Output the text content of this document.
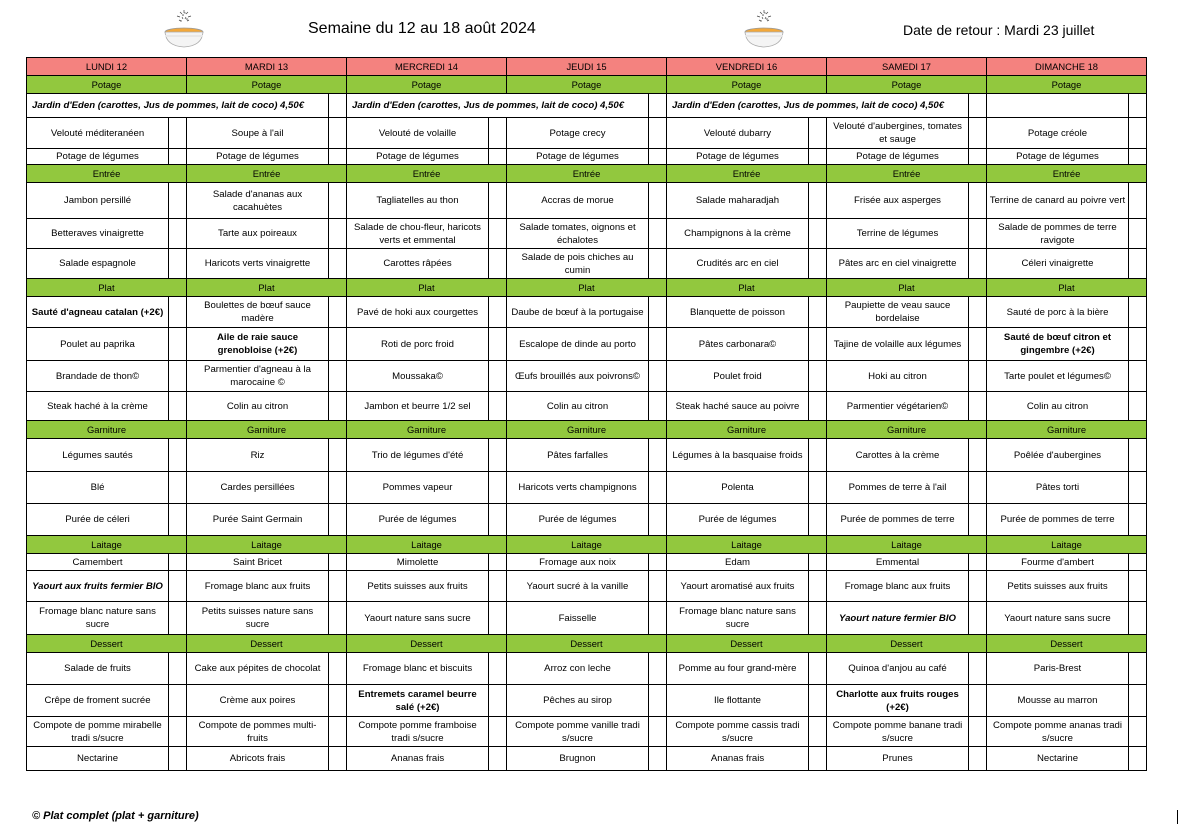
Semaine du 12 au 18 août 2024	Date de retour : Mardi 23 juillet
LUNDI 12		MARDI 13		MERCREDI 14		JEUDI 15		VENDREDI 16		SAMEDI 17		DIMANCHE 18	
Potage		Potage		Potage		Potage		Potage		Potage		Potage	
Jardin d'Eden (carottes, Jus de pommes, lait de coco) 4,50€				Jardin d'Eden (carottes, Jus de pommes, lait de coco) 4,50€				Jardin d'Eden (carottes, Jus de pommes, lait de coco) 4,50€					
Velouté méditeranéen		Soupe à l'ail		Velouté de volaille		Potage crecy		Velouté dubarry		Velouté d'aubergines, tomates et sauge		Potage créole	
Potage de légumes		Potage de légumes		Potage de légumes		Potage de légumes		Potage de légumes		Potage de légumes		Potage de légumes	
Entrée		Entrée		Entrée		Entrée		Entrée		Entrée		Entrée	
Jambon persillé		Salade d'ananas aux cacahuètes		Tagliatelles au thon		Accras de morue		Salade maharadjah		Frisée aux asperges		Terrine de canard au poivre vert	
Betteraves vinaigrette		Tarte aux poireaux		Salade de chou-fleur, haricots verts et emmental		Salade tomates, oignons et échalotes		Champignons à la crème		Terrine de légumes		Salade de pommes de terre ravigote	
Salade espagnole		Haricots verts vinaigrette		Carottes râpées		Salade de pois chiches au cumin		Crudités arc en ciel		Pâtes arc en ciel vinaigrette		Céleri vinaigrette	
Plat		Plat		Plat		Plat		Plat		Plat		Plat	
Sauté d'agneau catalan (+2€)		Boulettes de bœuf sauce madère		Pavé de hoki aux courgettes		Daube de bœuf à la portugaise		Blanquette de poisson		Paupiette de veau sauce bordelaise		Sauté de porc à la bière	
Poulet au paprika		Aile de raie sauce grenobloise (+2€)		Roti de porc froid		Escalope de dinde au porto		Pâtes carbonara©		Tajine de volaille aux légumes		Sauté de bœuf citron et gingembre (+2€)	
Brandade de thon©		Parmentier d'agneau à la marocaine ©		Moussaka©		Œufs brouillés aux poivrons©		Poulet froid		Hoki au citron		Tarte poulet et légumes©	
Steak haché à la crème		Colin au citron		Jambon et beurre 1/2 sel		Colin au citron		Steak haché sauce au poivre		Parmentier végétarien©		Colin au citron	
Garniture		Garniture		Garniture		Garniture		Garniture		Garniture		Garniture	
Légumes sautés		Riz		Trio de légumes d'été		Pâtes farfalles		Légumes à la basquaise froids		Carottes à la crème		Poêlée d'aubergines	
Blé		Cardes persillées		Pommes vapeur		Haricots verts champignons		Polenta		Pommes de terre à l'ail		Pâtes torti	
Purée de céleri		Purée Saint Germain		Purée de légumes		Purée de légumes		Purée de légumes		Purée de pommes de terre		Purée de pommes de terre	
Laitage		Laitage		Laitage		Laitage		Laitage		Laitage		Laitage	
Camembert		Saint Bricet		Mimolette		Fromage aux noix		Edam		Emmental		Fourme d'ambert	
Yaourt aux fruits fermier BIO		Fromage blanc aux fruits		Petits suisses aux fruits		Yaourt sucré à la vanille		Yaourt aromatisé aux fruits		Fromage blanc aux fruits		Petits suisses aux fruits	
Fromage blanc nature sans sucre		Petits suisses nature sans sucre		Yaourt nature sans sucre		Faisselle		Fromage blanc nature sans sucre		Yaourt nature fermier BIO		Yaourt nature sans sucre	
Dessert		Dessert		Dessert		Dessert		Dessert		Dessert		Dessert	
Salade de fruits		Cake aux pépites de chocolat		Fromage blanc et biscuits		Arroz con leche		Pomme au four grand-mère		Quinoa d'anjou au café		Paris-Brest	
Crêpe de froment sucrée		Crème aux poires		Entremets caramel beurre salé (+2€)		Pêches au sirop		Ile flottante		Charlotte aux fruits rouges (+2€)		Mousse au marron	
Compote de pomme mirabelle tradi s/sucre		Compote de pommes multi-fruits		Compote pomme framboise tradi s/sucre		Compote pomme vanille tradi s/sucre		Compote pomme cassis tradi s/sucre		Compote pomme banane tradi s/sucre		Compote pomme ananas tradi s/sucre	
Nectarine		Abricots frais		Ananas frais		Brugnon		Ananas frais		Prunes		Nectarine	
© Plat complet (plat + garniture)
